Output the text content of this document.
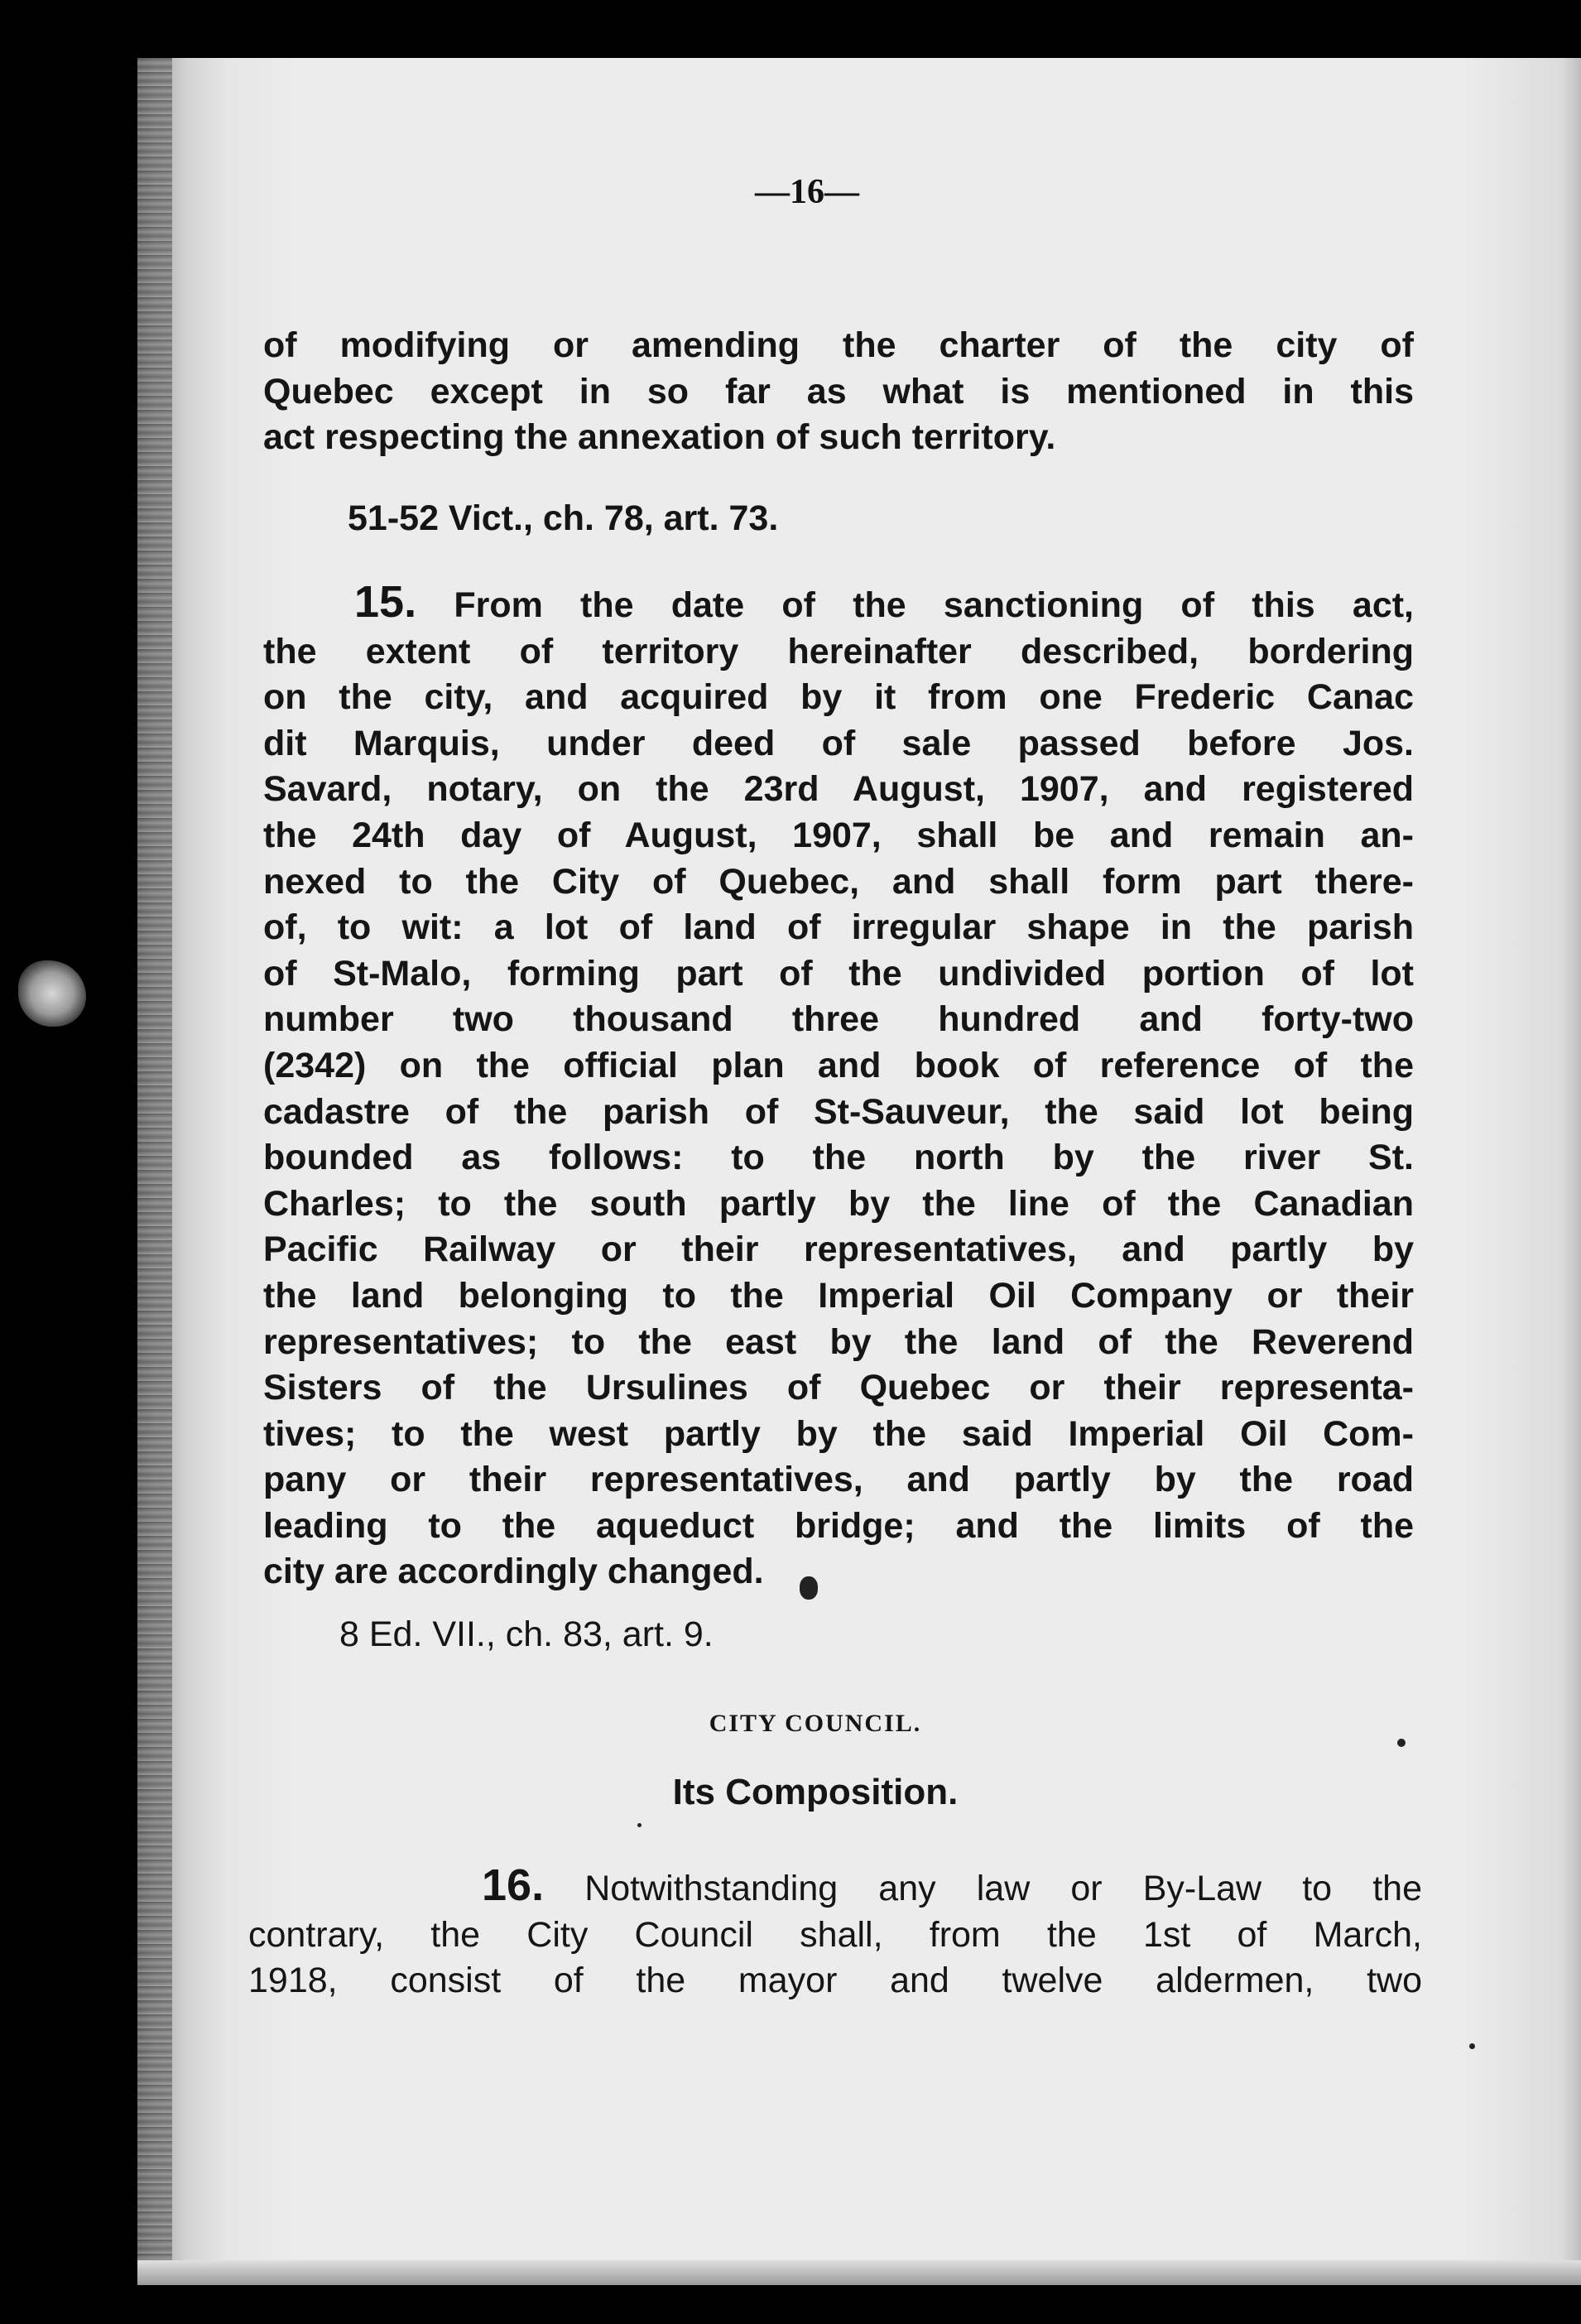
—16—
of modifying or amending the charter of the city of
Quebec except in so far as what is mentioned in this
act respecting the annexation of such territory.
51-52 Vict., ch. 78, art. 73.
15. From the date of the sanctioning of this act,
the extent of territory hereinafter described, bordering
on the city, and acquired by it from one Frederic Canac
dit Marquis, under deed of sale passed before Jos.
Savard, notary, on the 23rd August, 1907, and registered
the 24th day of August, 1907, shall be and remain an-
nexed to the City of Quebec, and shall form part there-
of, to wit: a lot of land of irregular shape in the parish
of St-Malo, forming part of the undivided portion of lot
number two thousand three hundred and forty-two
(2342) on the official plan and book of reference of the
cadastre of the parish of St-Sauveur, the said lot being
bounded as follows: to the north by the river St.
Charles; to the south partly by the line of the Canadian
Pacific Railway or their representatives, and partly by
the land belonging to the Imperial Oil Company or their
representatives; to the east by the land of the Reverend
Sisters of the Ursulines of Quebec or their representa-
tives; to the west partly by the said Imperial Oil Com-
pany or their representatives, and partly by the road
leading to the aqueduct bridge; and the limits of the
city are accordingly changed.
8 Ed. VII., ch. 83, art. 9.
CITY COUNCIL.
Its Composition.
16. Notwithstanding any law or By-Law to the
contrary, the City Council shall, from the 1st of March,
1918, consist of the mayor and twelve aldermen, two
